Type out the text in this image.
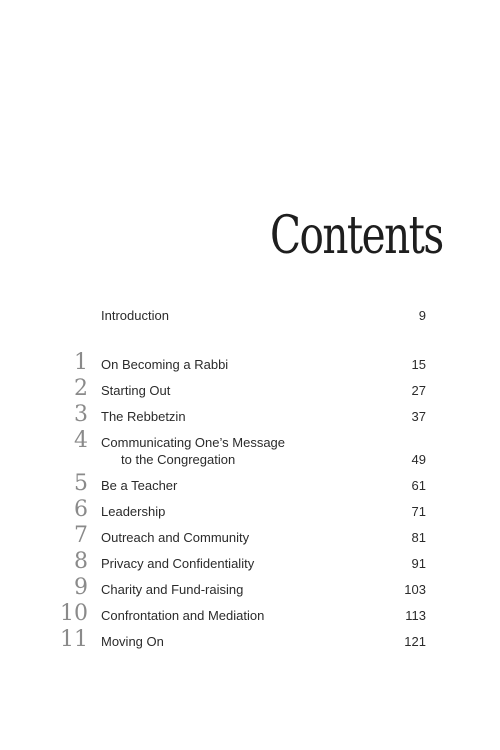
Contents
Introduction	9
1 On Becoming a Rabbi	15
2 Starting Out	27
3 The Rebbetzin	37
4 Communicating One’s Message
to the Congregation	49
5 Be a Teacher	61
6 Leadership	71
7 Outreach and Community	81
8 Privacy and Confidentiality	91
9 Charity and Fund-raising	103
10 Confrontation and Mediation	113
11 Moving On	121
